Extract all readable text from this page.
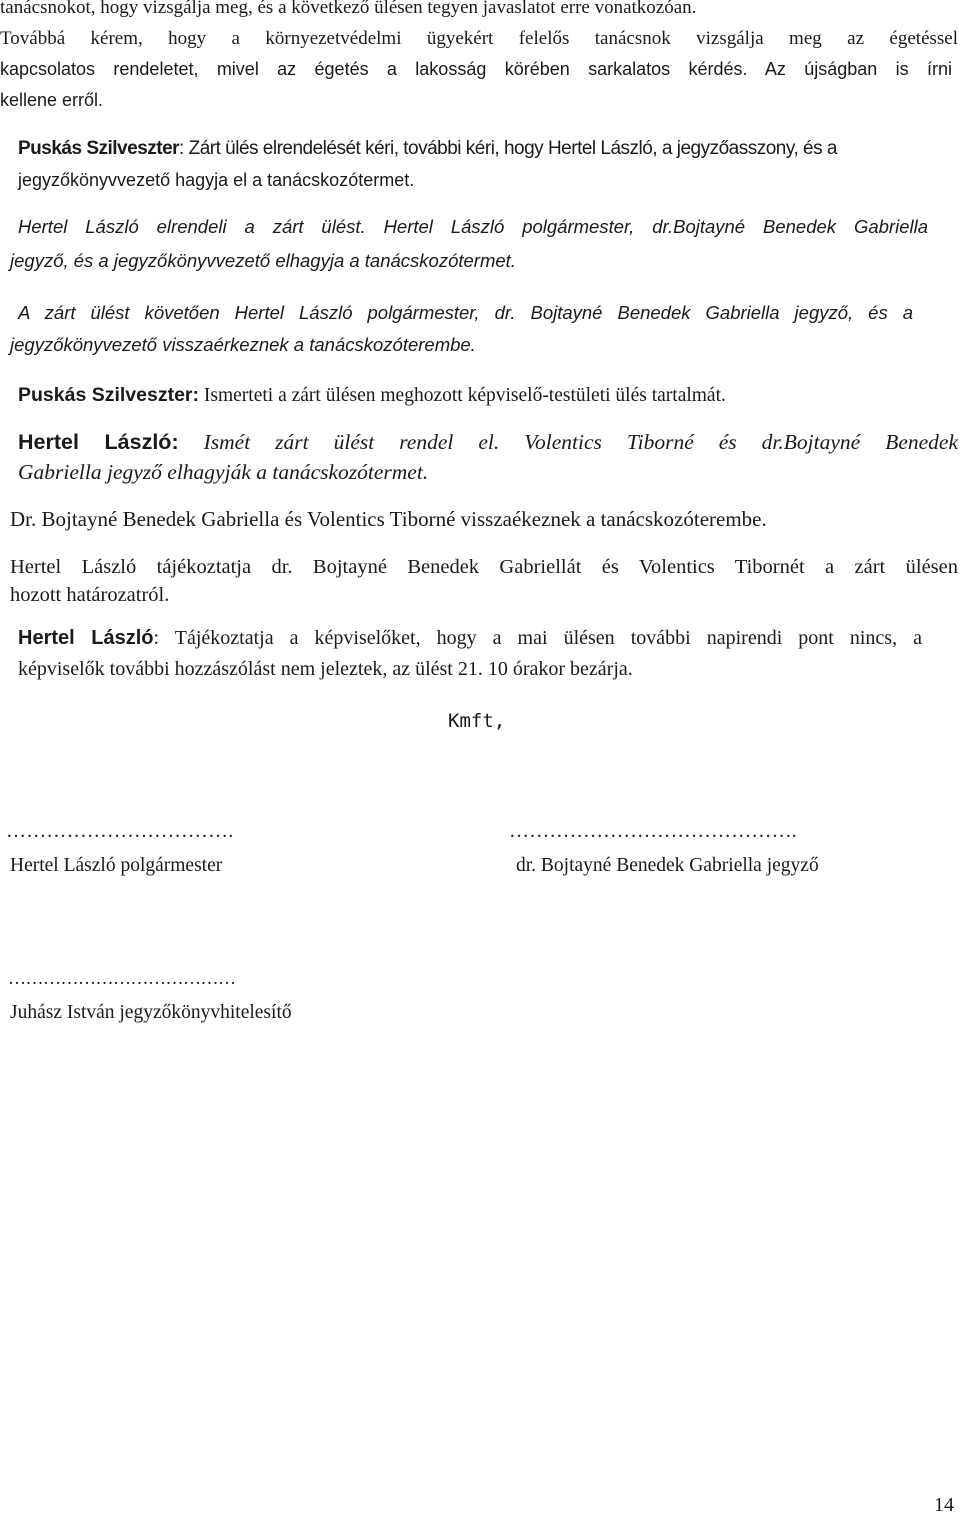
tanácsnokot, hogy vizsgálja meg, és a következő ülésen tegyen javaslatot erre vonatkozóan.

Továbbá kérem, hogy a környezetvédelmi ügyekért felelős tanácsnok vizsgálja meg az égetéssel

kapcsolatos rendeletet, mivel az égetés a lakosság körében sarkalatos kérdés. Az újságban is írni

kellene erről.

Puskás Szilveszter: Zárt ülés elrendelését kéri, további kéri, hogy Hertel László, a jegyzőasszony, és a

jegyzőkönyvvezető hagyja el a tanácskozótermet.

Hertel László elrendeli a zárt ülést. Hertel László polgármester, dr.Bojtayné Benedek Gabriella

jegyző, és a jegyzőkönyvvezető elhagyja a tanácskozótermet.

A zárt ülést követően Hertel László polgármester, dr. Bojtayné Benedek Gabriella jegyző, és a

jegyzőkönyvezető visszaérkeznek a tanácskozóterembe.

Puskás Szilveszter: Ismerteti a zárt ülésen meghozott képviselő-testületi ülés tartalmát.

Hertel László: Ismét zárt ülést rendel el. Volentics Tiborné és dr.Bojtayné Benedek

Gabriella jegyző elhagyják a tanácskozótermet.

Dr. Bojtayné Benedek Gabriella és Volentics Tiborné visszaékeznek a tanácskozóterembe.

Hertel László tájékoztatja dr. Bojtayné Benedek Gabriellát és Volentics Tibornét a zárt ülésen

hozott határozatról.

Hertel László: Tájékoztatja a képviselőket, hogy a mai ülésen további napirendi pont nincs, a

képviselők további hozzászólást nem jeleztek, az ülést 21. 10 órakor bezárja.

Kmft,

…………………………….

Hertel László polgármester

…………………………………….

dr. Bojtayné Benedek Gabriella jegyző

…………………………………

Juhász István jegyzőkönyvhitelesítő

14
